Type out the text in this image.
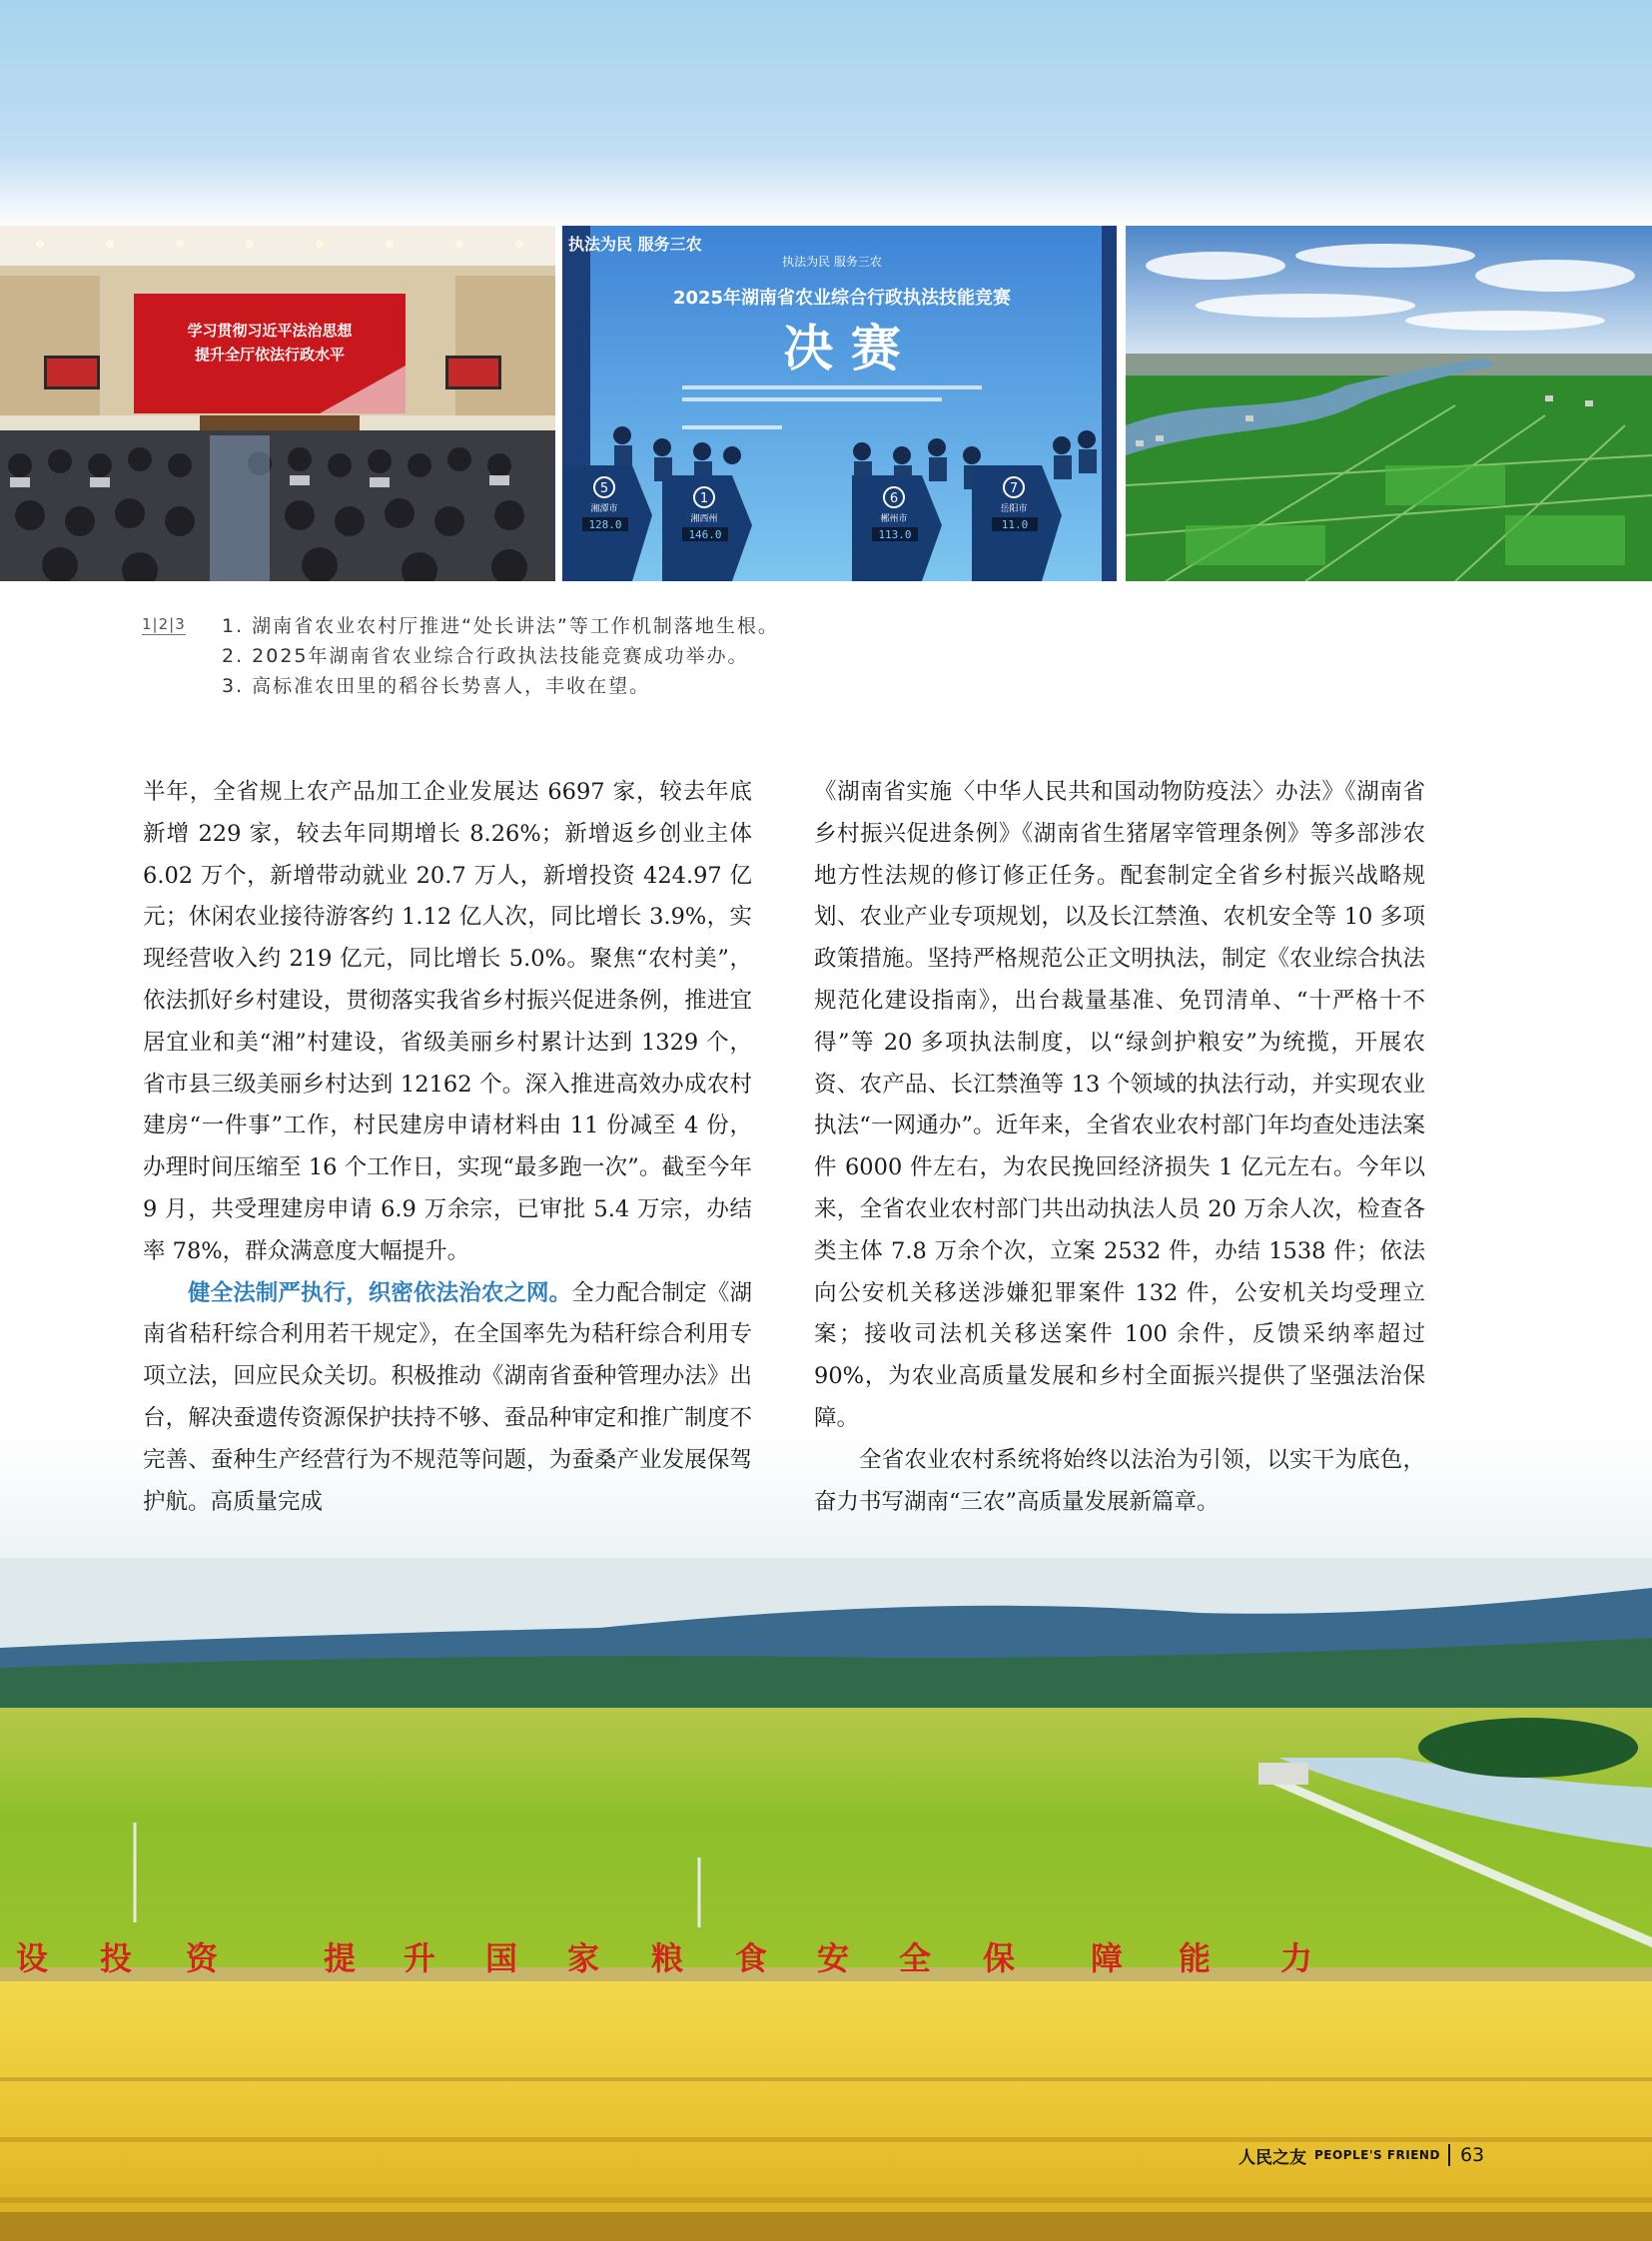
学习贯彻习近平法治思想
提升全厅依法行政水平
执法为民 服务三农
执法为民 服务三农
2025年湖南省农业综合行政执法技能竞赛
决 赛
5
湘潭市
128.0
1
湘西州
146.0
6
郴州市
113.0
7
岳阳市
11.0
1|2|3 1. 湖南省农业农村厅推进“处长讲法”等工作机制落地生根。
2. 2025年湖南省农业综合行政执法技能竞赛成功举办。
3. 高标准农田里的稻谷长势喜人，丰收在望。

半年，全省规上农产品加工企业发展达 6697 家，较去年底新增 229 家，较去年同期增长 8.26%；新增返乡创业主体 6.02 万个，新增带动就业 20.7 万人，新增投资 424.97 亿元；休闲农业接待游客约 1.12 亿人次，同比增长 3.9%，实现经营收入约 219 亿元，同比增长 5.0%。聚焦“农村美”，依法抓好乡村建设，贯彻落实我省乡村振兴促进条例，推进宜居宜业和美“湘”村建设，省级美丽乡村累计达到 1329 个，省市县三级美丽乡村达到 12162 个。深入推进高效办成农村建房“一件事”工作，村民建房申请材料由 11 份减至 4 份，办理时间压缩至 16 个工作日，实现“最多跑一次”。截至今年 9 月，共受理建房申请 6.9 万余宗，已审批 5.4 万宗，办结率 78%，群众满意度大幅提升。

健全法制严执行，织密依法治农之网。全力配合制定《湖南省秸秆综合利用若干规定》，在全国率先为秸秆综合利用专项立法，回应民众关切。积极推动《湖南省蚕种管理办法》出台，解决蚕遗传资源保护扶持不够、蚕品种审定和推广制度不完善、蚕种生产经营行为不规范等问题，为蚕桑产业发展保驾护航。高质量完成

《湖南省实施〈中华人民共和国动物防疫法〉办法》《湖南省乡村振兴促进条例》《湖南省生猪屠宰管理条例》等多部涉农地方性法规的修订修正任务。配套制定全省乡村振兴战略规划、农业产业专项规划，以及长江禁渔、农机安全等 10 多项政策措施。坚持严格规范公正文明执法，制定《农业综合执法规范化建设指南》，出台裁量基准、免罚清单、“十严格十不得”等 20 多项执法制度，以“绿剑护粮安”为统揽，开展农资、农产品、长江禁渔等 13 个领域的执法行动，并实现农业执法“一网通办”。近年来，全省农业农村部门年均查处违法案件 6000 件左右，为农民挽回经济损失 1 亿元左右。今年以来，全省农业农村部门共出动执法人员 20 万余人次，检查各类主体 7.8 万余个次，立案 2532 件，办结 1538 件；依法向公安机关移送涉嫌犯罪案件 132 件，公安机关均受理立案；接收司法机关移送案件 100 余件，反馈采纳率超过 90%，为农业高质量发展和乡村全面振兴提供了坚强法治保障。

全省农业农村系统将始终以法治为引领，以实干为底色，奋力书写湖南“三农”高质量发展新篇章。

设 投 资	提 升 国 家 粮 食 安 全 保 障 能 力
人民之友 PEOPLE'S FRIEND 63
